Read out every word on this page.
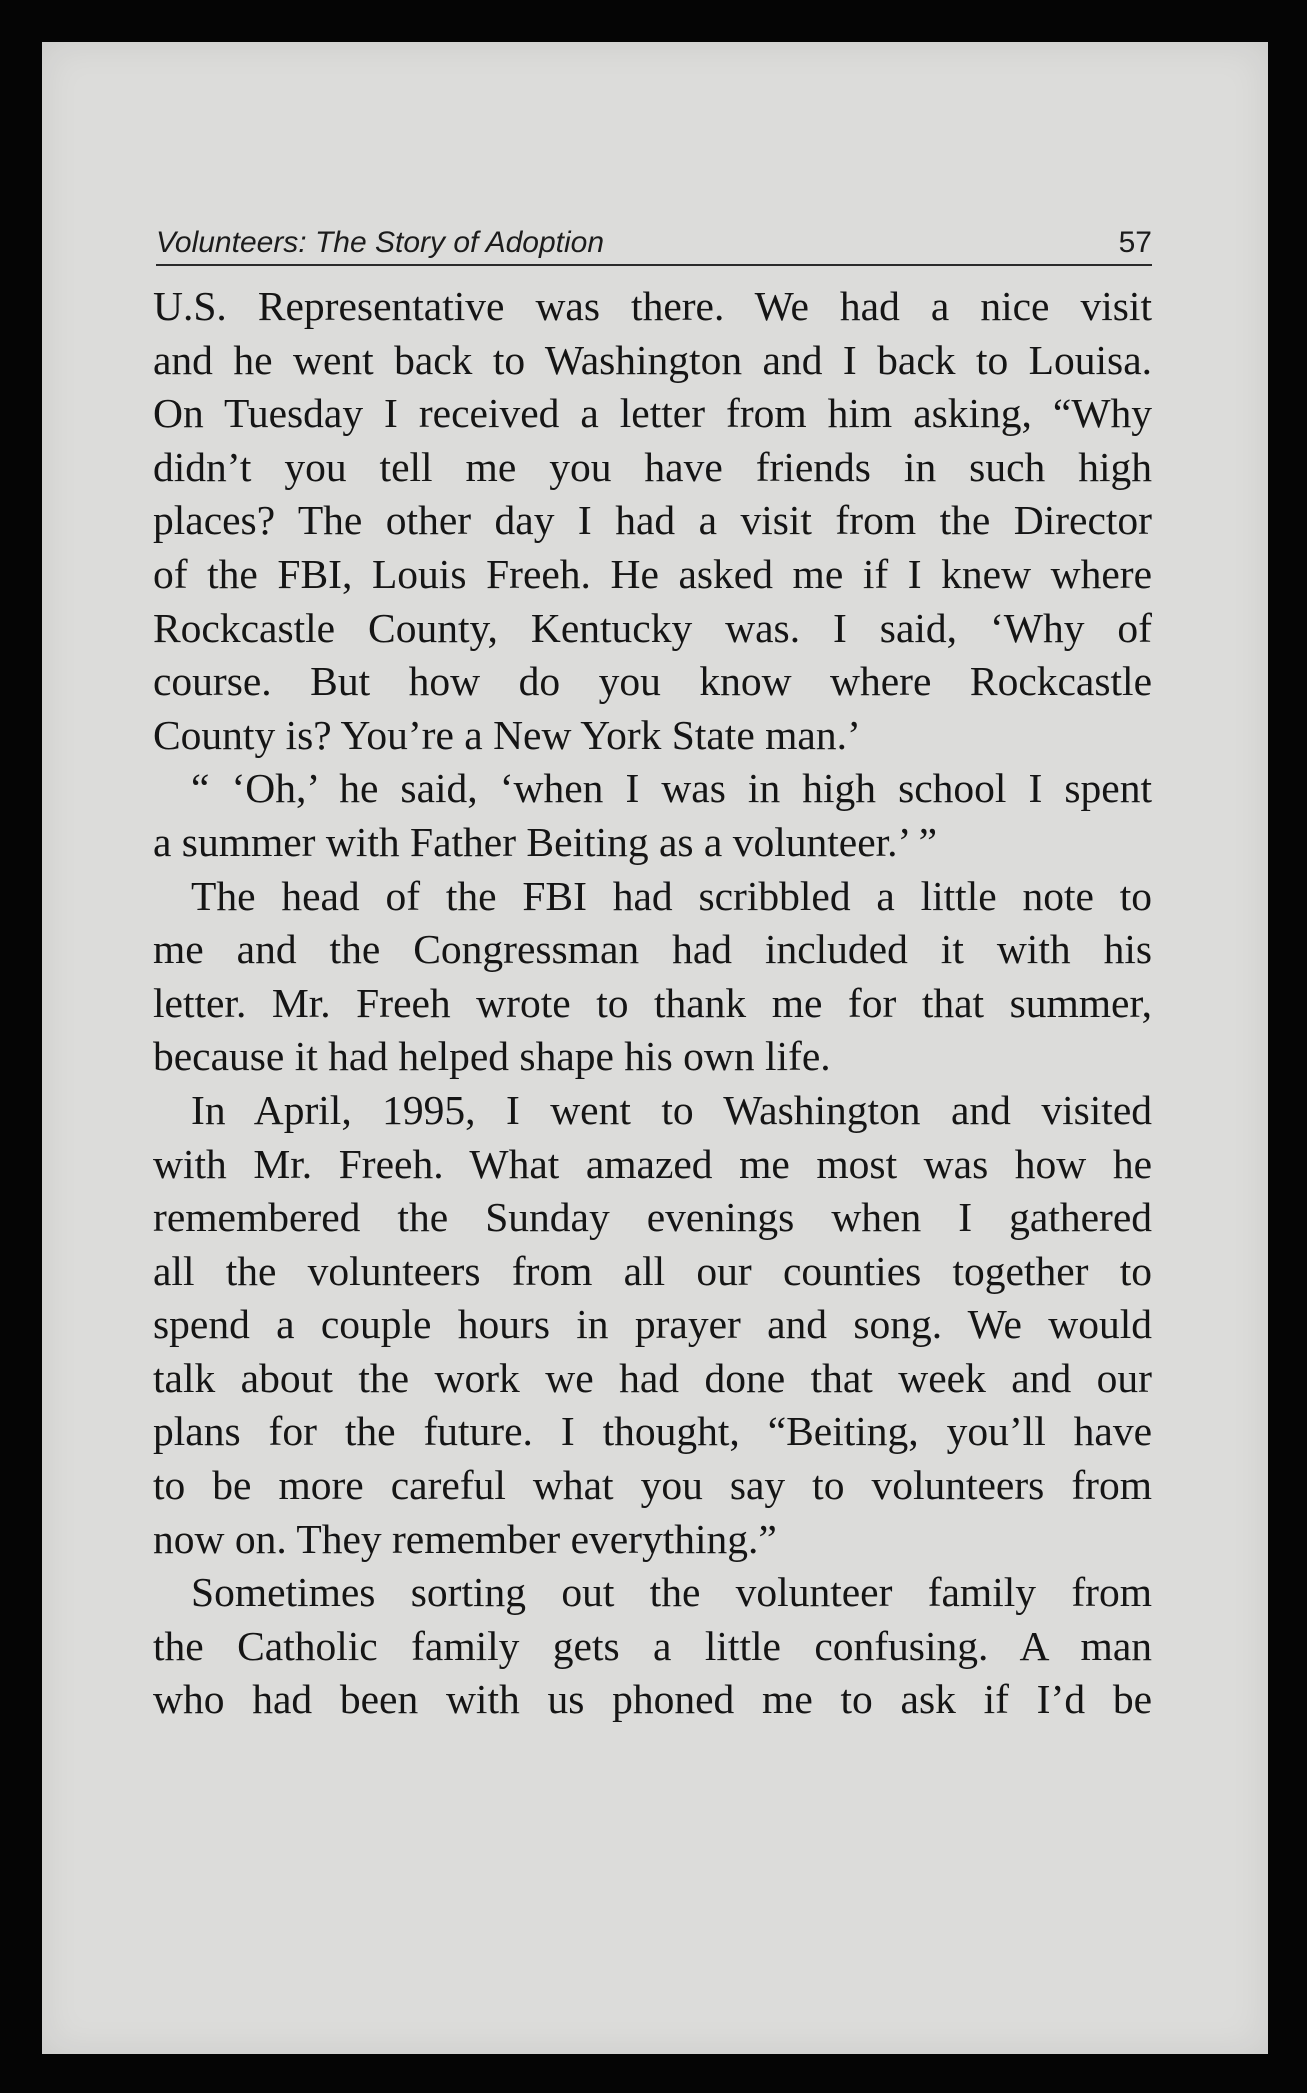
Volunteers: The Story of Adoption	57
U.S. Representative was there. We had a nice visit
and he went back to Washington and I back to Louisa.
On Tuesday I received a letter from him asking, “Why
didn’t you tell me you have friends in such high
places? The other day I had a visit from the Director
of the FBI, Louis Freeh. He asked me if I knew where
Rockcastle County, Kentucky was. I said, ‘Why of
course. But how do you know where Rockcastle
County is? You’re a New York State man.’
“ ‘Oh,’ he said, ‘when I was in high school I spent
a summer with Father Beiting as a volunteer.’ ”
The head of the FBI had scribbled a little note to
me and the Congressman had included it with his
letter. Mr. Freeh wrote to thank me for that summer,
because it had helped shape his own life.
In April, 1995, I went to Washington and visited
with Mr. Freeh. What amazed me most was how he
remembered the Sunday evenings when I gathered
all the volunteers from all our counties together to
spend a couple hours in prayer and song. We would
talk about the work we had done that week and our
plans for the future. I thought, “Beiting, you’ll have
to be more careful what you say to volunteers from
now on. They remember everything.”
Sometimes sorting out the volunteer family from
the Catholic family gets a little confusing. A man
who had been with us phoned me to ask if I’d be
